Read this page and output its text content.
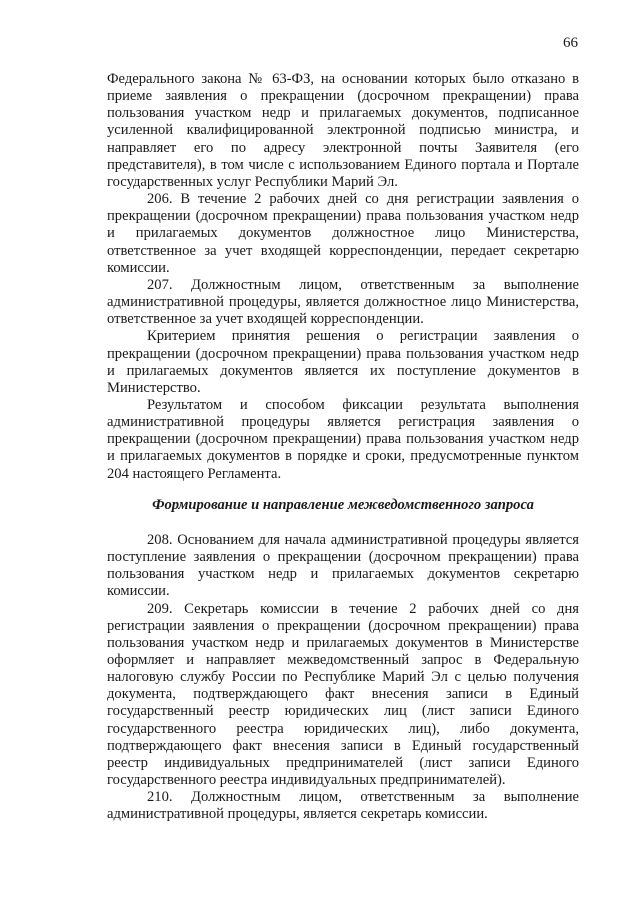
66

Федерального закона № 63-ФЗ, на основании которых было отказано в приеме заявления о прекращении (досрочном прекращении) права пользования участком недр и прилагаемых документов, подписанное усиленной квалифицированной электронной подписью министра, и направляет его по адресу электронной почты Заявителя (его представителя), в том числе с использованием Единого портала и Портале государственных услуг Республики Марий Эл.

206. В течение 2 рабочих дней со дня регистрации заявления о прекращении (досрочном прекращении) права пользования участком недр и прилагаемых документов должностное лицо Министерства, ответственное за учет входящей корреспонденции, передает секретарю комиссии.

207. Должностным лицом, ответственным за выполнение административной процедуры, является должностное лицо Министерства, ответственное за учет входящей корреспонденции.

Критерием принятия решения о регистрации заявления о прекращении (досрочном прекращении) права пользования участком недр и прилагаемых документов является их поступление документов в Министерство.

Результатом и способом фиксации результата выполнения административной процедуры является регистрация заявления о прекращении (досрочном прекращении) права пользования участком недр и прилагаемых документов в порядке и сроки, предусмотренные пунктом 204 настоящего Регламента.

Формирование и направление межведомственного запроса

208. Основанием для начала административной процедуры является поступление заявления о прекращении (досрочном прекращении) права пользования участком недр и прилагаемых документов секретарю комиссии.

209. Секретарь комиссии в течение 2 рабочих дней со дня регистрации заявления о прекращении (досрочном прекращении) права пользования участком недр и прилагаемых документов в Министерстве оформляет и направляет межведомственный запрос в Федеральную налоговую службу России по Республике Марий Эл с целью получения документа, подтверждающего факт внесения записи в Единый государственный реестр юридических лиц (лист записи Единого государственного реестра юридических лиц), либо документа, подтверждающего факт внесения записи в Единый государственный реестр индивидуальных предпринимателей (лист записи Единого государственного реестра индивидуальных предпринимателей).

210. Должностным лицом, ответственным за выполнение административной процедуры, является секретарь комиссии.
